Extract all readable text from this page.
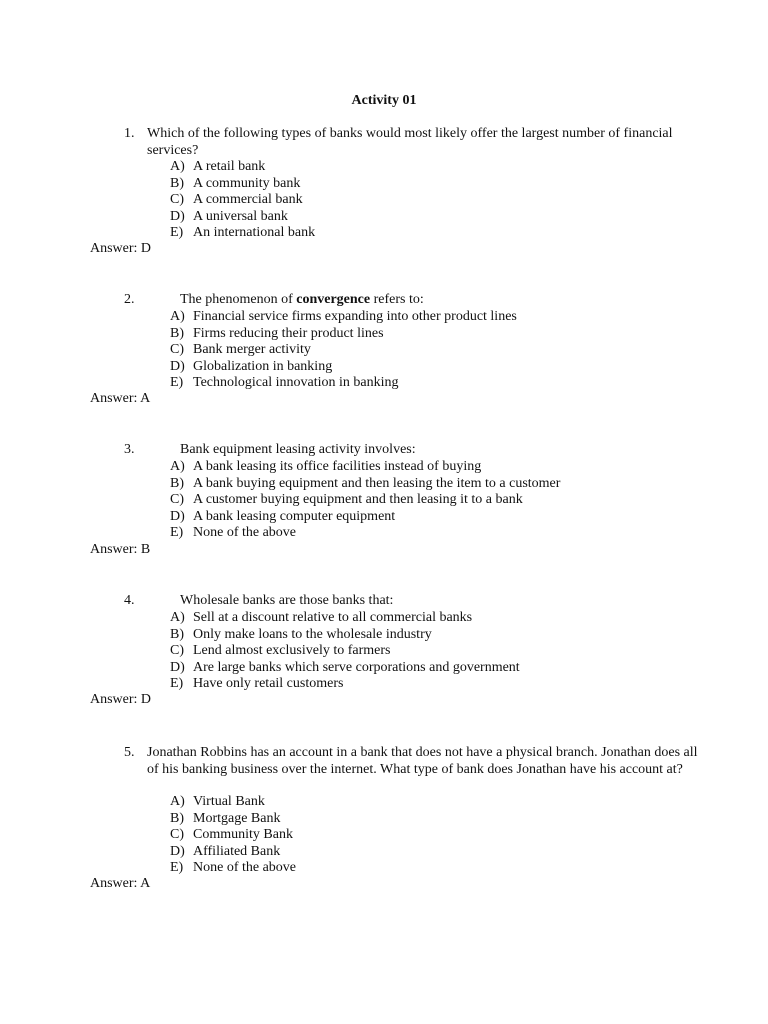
Activity 01
1. Which of the following types of banks would most likely offer the largest number of financial services?
A) A retail bank
B) A community bank
C) A commercial bank
D) A universal bank
E) An international bank
Answer: D
2.	The phenomenon of convergence refers to:
A) Financial service firms expanding into other product lines
B) Firms reducing their product lines
C) Bank merger activity
D) Globalization in banking
E) Technological innovation in banking
Answer: A
3.	Bank equipment leasing activity involves:
A) A bank leasing its office facilities instead of buying
B) A bank buying equipment and then leasing the item to a customer
C) A customer buying equipment and then leasing it to a bank
D) A bank leasing computer equipment
E) None of the above
Answer: B
4.	Wholesale banks are those banks that:
A) Sell at a discount relative to all commercial banks
B) Only make loans to the wholesale industry
C) Lend almost exclusively to farmers
D) Are large banks which serve corporations and government
E) Have only retail customers
Answer: D
5. Jonathan Robbins has an account in a bank that does not have a physical branch. Jonathan does all of his banking business over the internet. What type of bank does Jonathan have his account at?
A) Virtual Bank
B) Mortgage Bank
C) Community Bank
D) Affiliated Bank
E) None of the above
Answer: A
